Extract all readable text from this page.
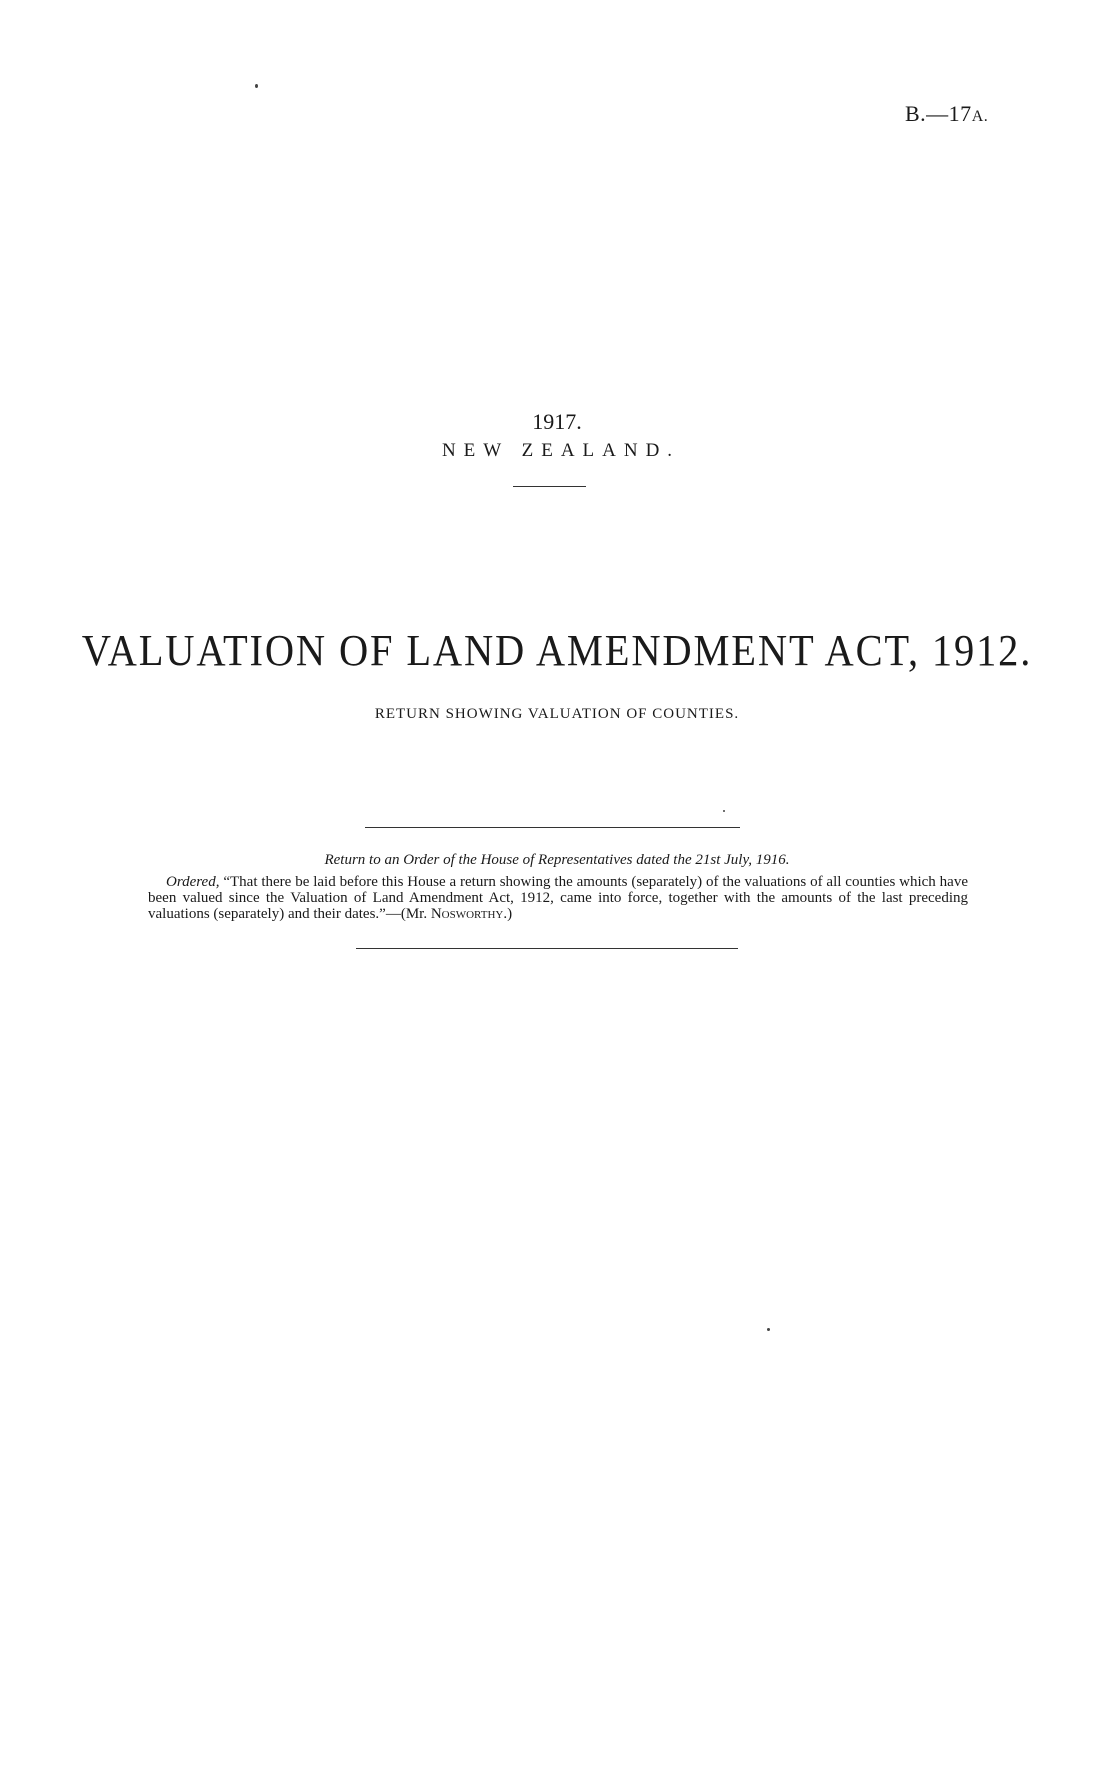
B.—17A.
1917.
NEW ZEALAND.
VALUATION OF LAND AMENDMENT ACT, 1912.
RETURN SHOWING VALUATION OF COUNTIES.
Return to an Order of the House of Representatives dated the 21st July, 1916.
Ordered, “That there be laid before this House a return showing the amounts (separately) of the valuations of all counties which have been valued since the Valuation of Land Amendment Act, 1912, came into force, together with the amounts of the last preceding valuations (separately) and their dates.”—(Mr. Nosworthy.)
